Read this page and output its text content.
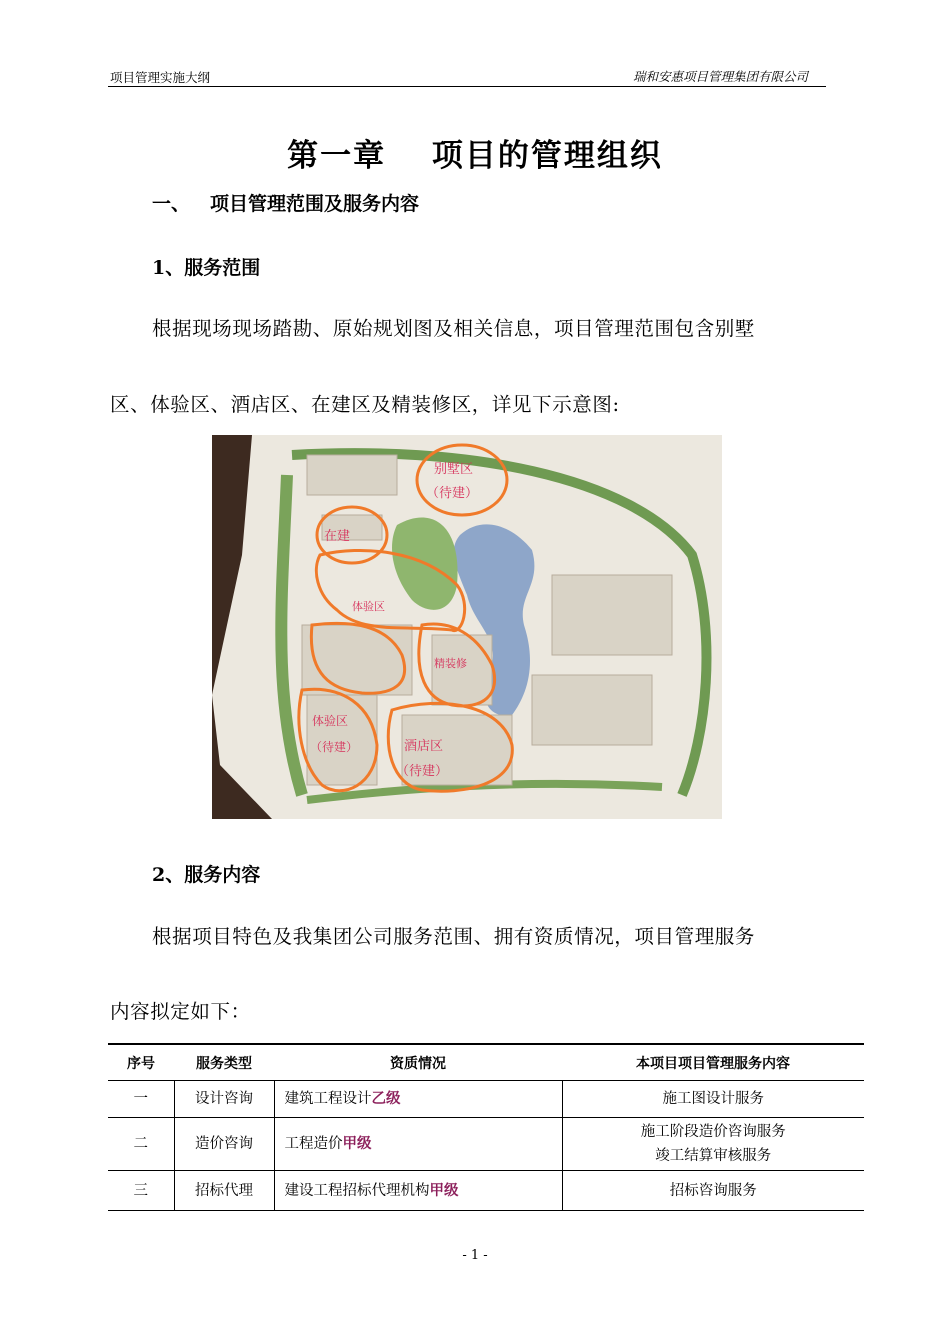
项目管理实施大纲	瑞和安惠项目管理集团有限公司
第一章　 项目的管理组织
一、 项目管理范围及服务内容
1、服务范围
根据现场现场踏勘、原始规划图及相关信息，项目管理范围包含别墅
区、体验区、酒店区、在建区及精装修区，详见下示意图:
别墅区
（待建）
在建
体验区
精装修
体验区
（待建）	酒店区
（待建）
2、服务内容
根据项目特色及我集团公司服务范围、拥有资质情况，项目管理服务
内容拟定如下：
序号	服务类型	资质情况	本项目项目管理服务内容
一	设计咨询	建筑工程设计乙级	施工图设计服务

二	造价咨询	工程造价甲级	施工阶段造价咨询服务
竣工结算审核服务

三	招标代理	建设工程招标代理机构甲级	招标咨询服务
- 1 -
